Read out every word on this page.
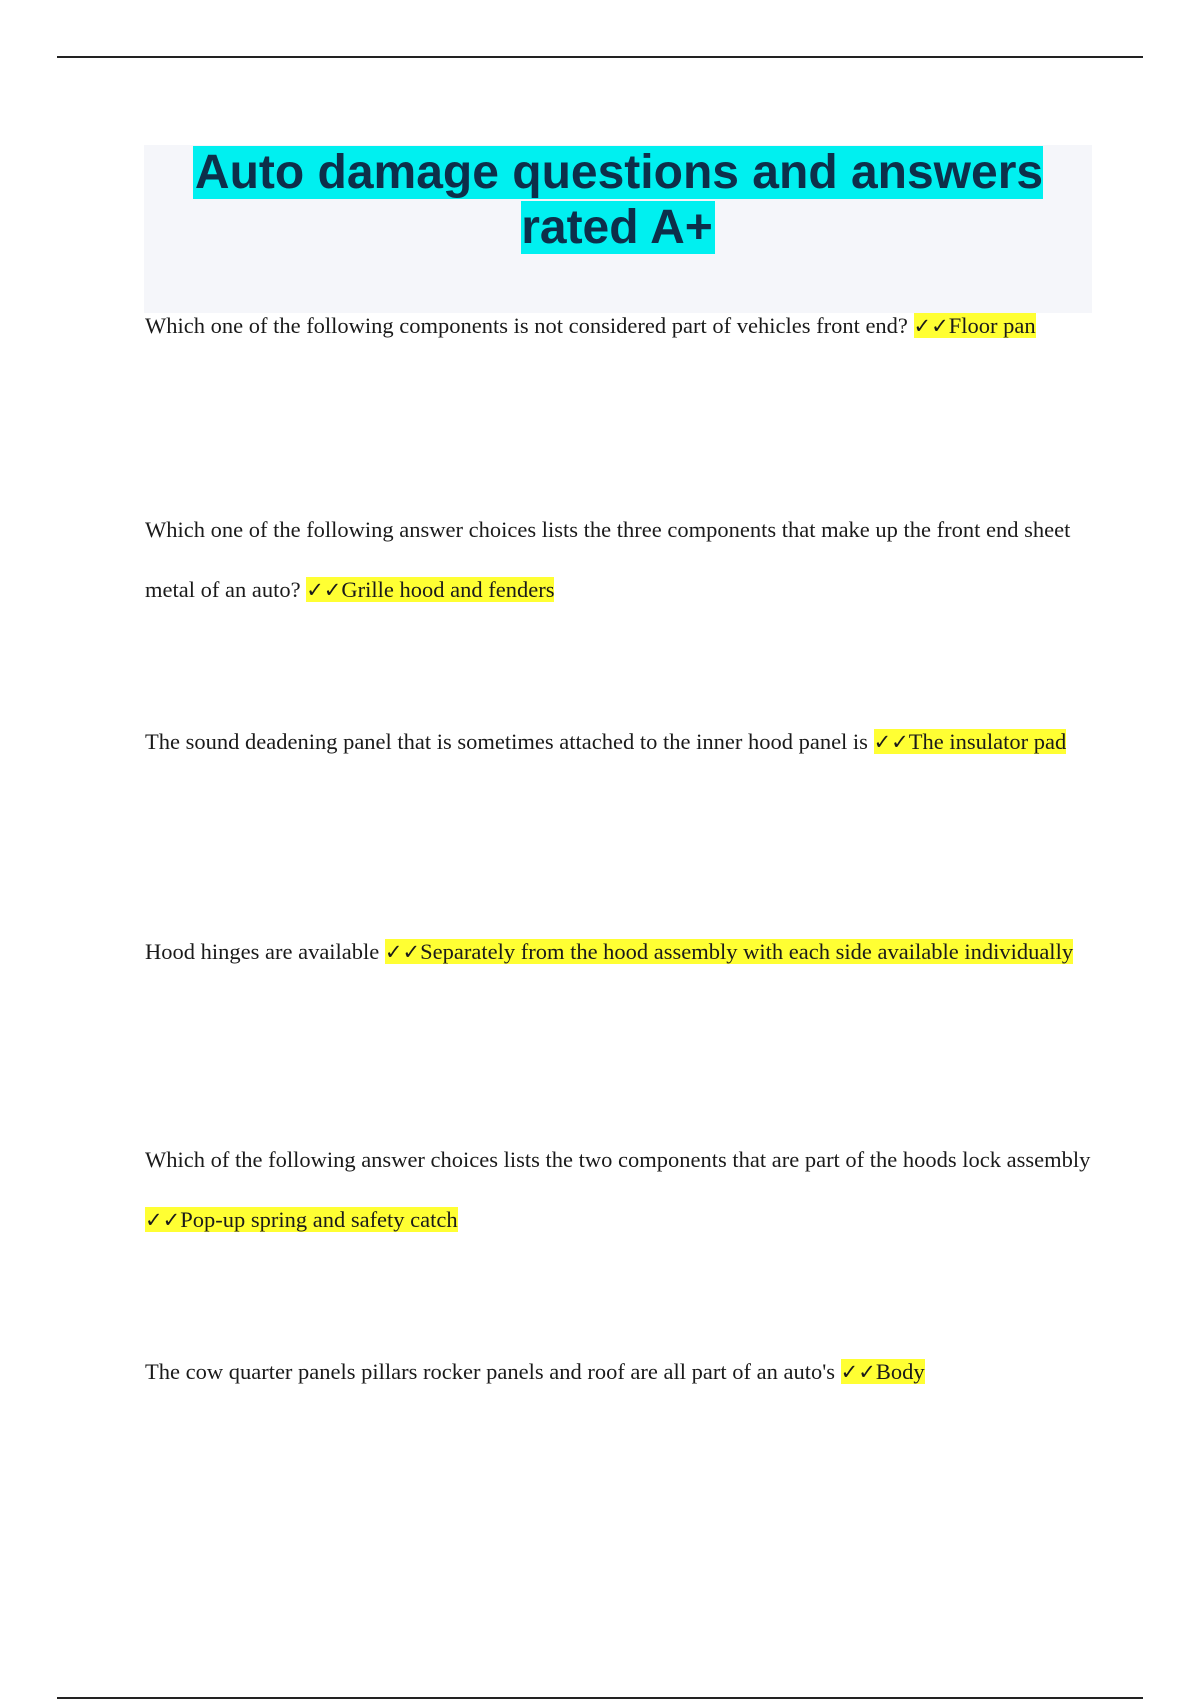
Auto damage questions and answers rated A+

Which one of the following components is not considered part of vehicles front end? ✓✓Floor pan

Which one of the following answer choices lists the three components that make up the front end sheet metal of an auto? ✓✓Grille hood and fenders

The sound deadening panel that is sometimes attached to the inner hood panel is ✓✓The insulator pad

Hood hinges are available ✓✓Separately from the hood assembly with each side available individually

Which of the following answer choices lists the two components that are part of the hoods lock assembly ✓✓Pop-up spring and safety catch

The cow quarter panels pillars rocker panels and roof are all part of an auto's ✓✓Body
